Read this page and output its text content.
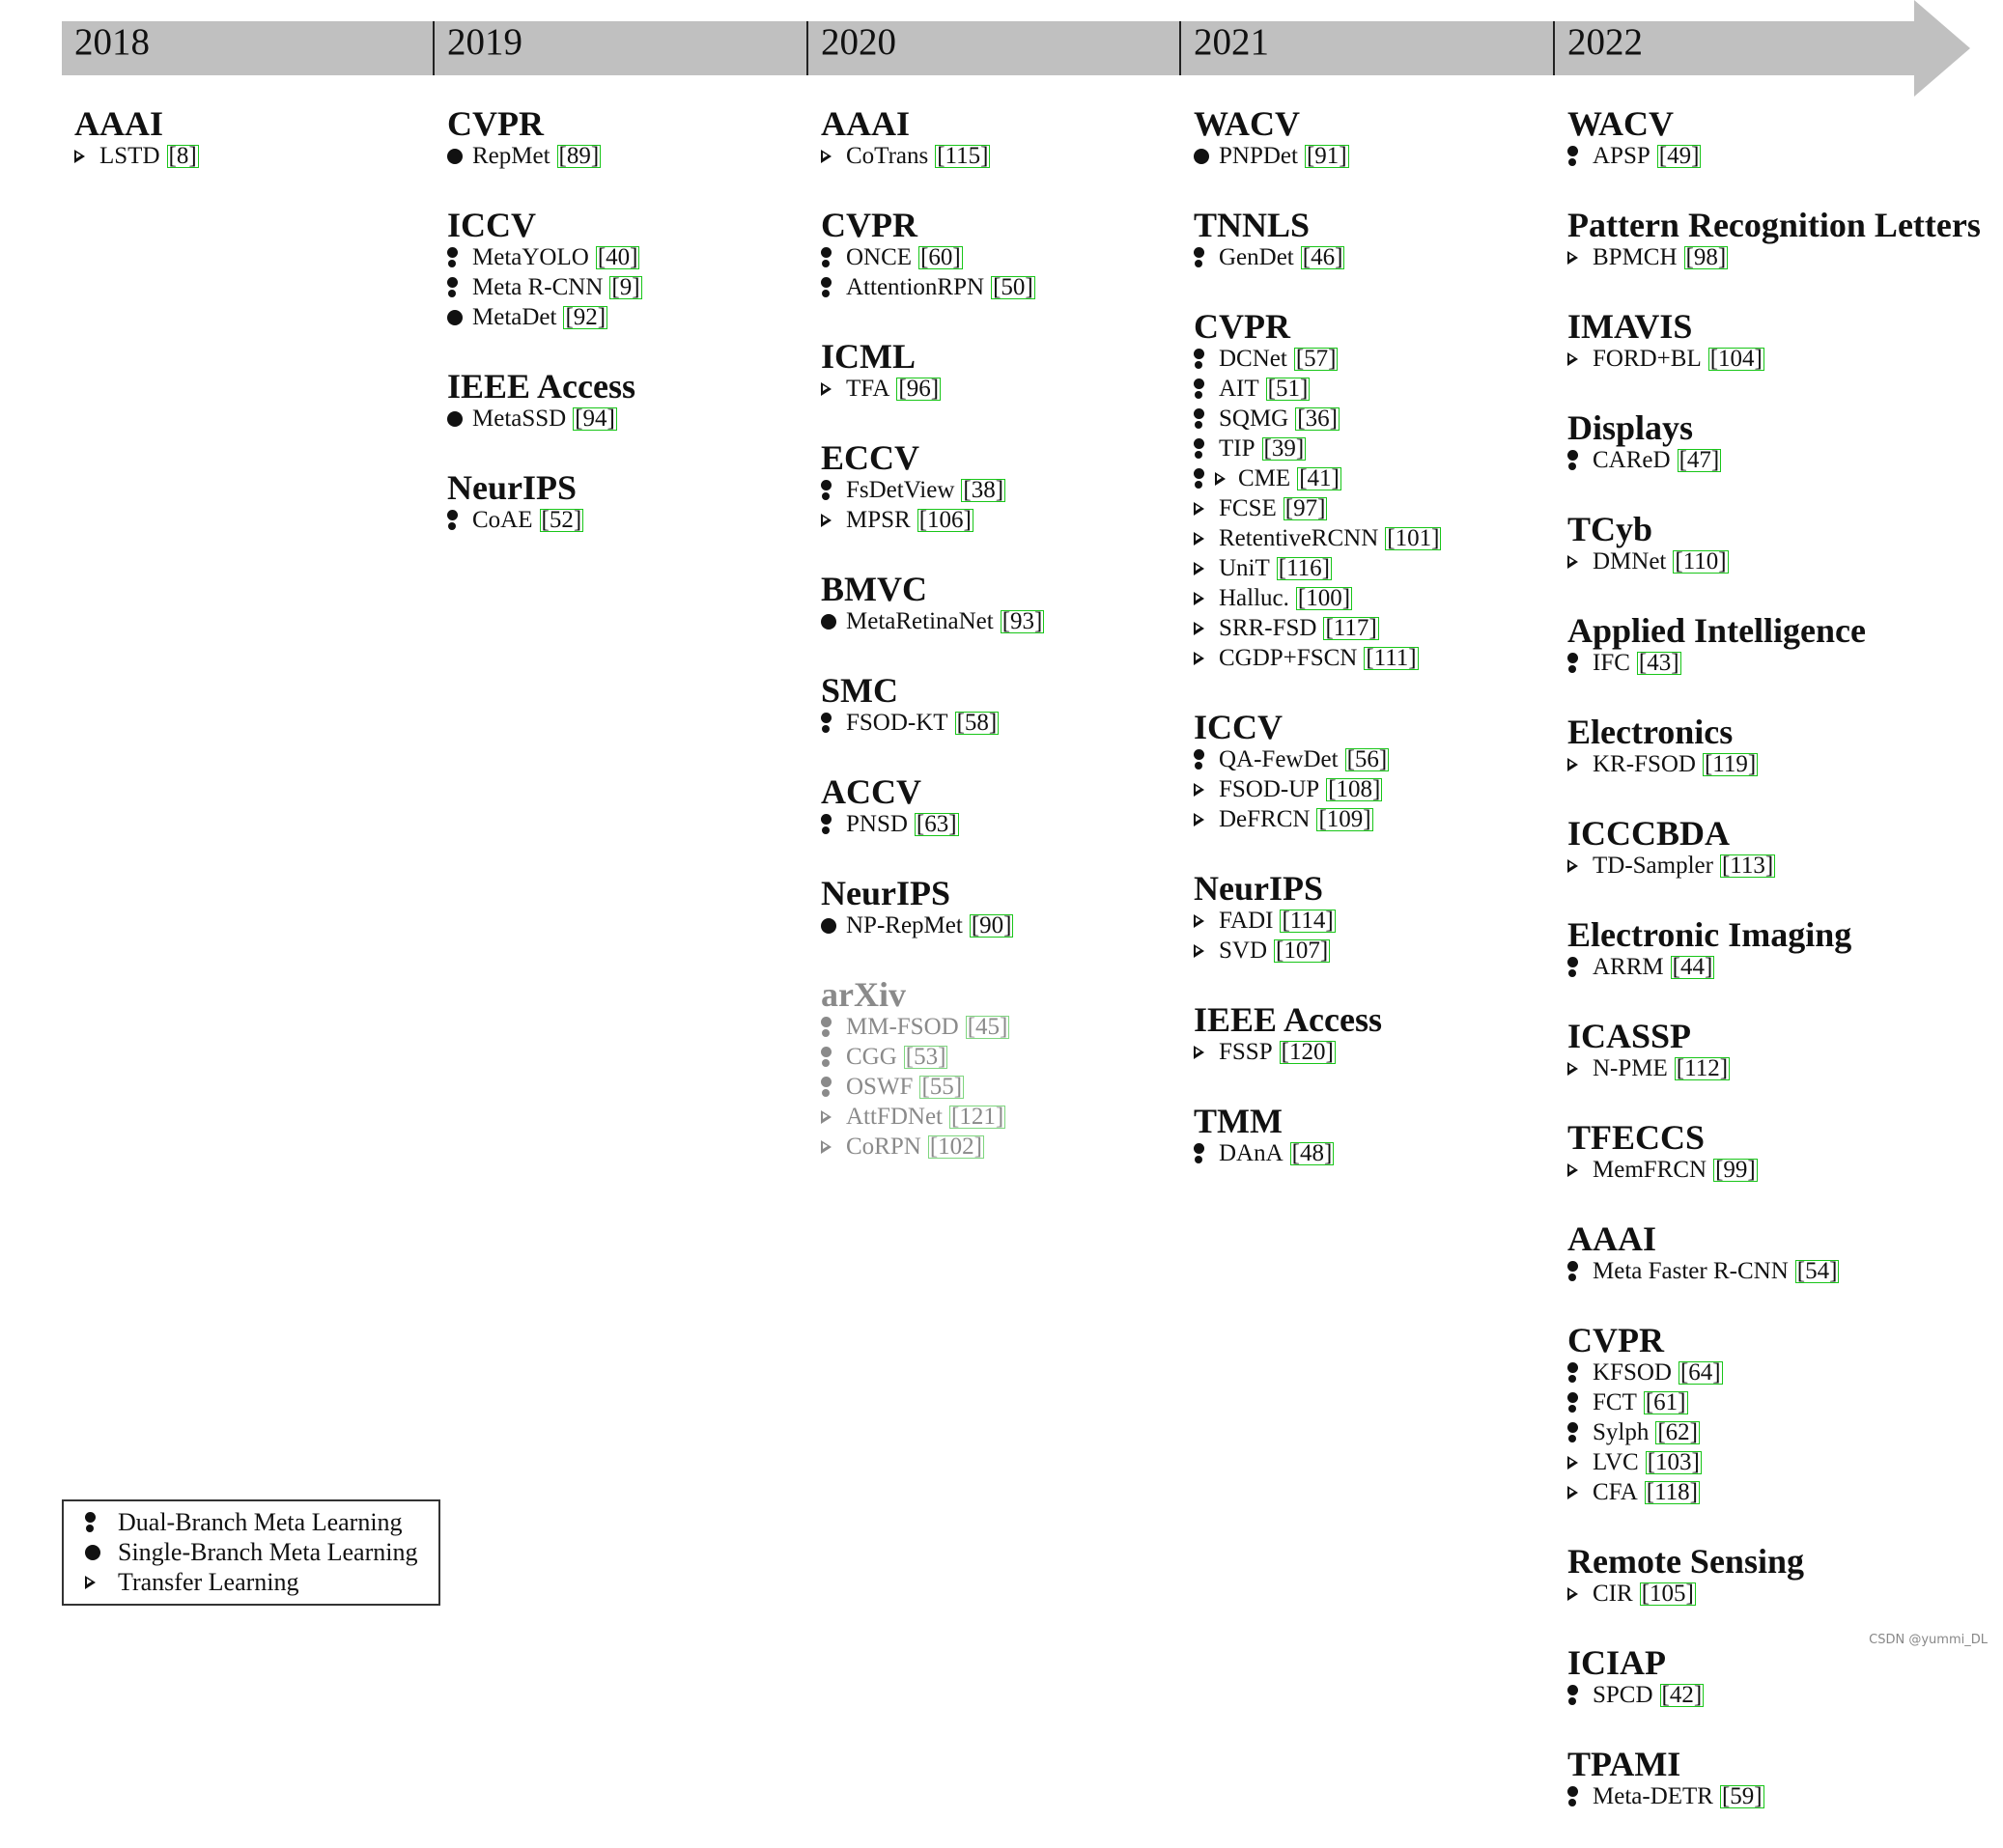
2018	2019	2020	2021	2022
AAAI
LSTD [8]
CVPR
RepMet [89]
ICCV
MetaYOLO [40]
Meta R-CNN [9]
MetaDet [92]
IEEE Access
MetaSSD [94]
NeurIPS
CoAE [52]
AAAI
CoTrans [115]
CVPR
ONCE [60]
AttentionRPN [50]
ICML
TFA [96]
ECCV
FsDetView [38]
MPSR [106]
BMVC
MetaRetinaNet [93]
SMC
FSOD-KT [58]
ACCV
PNSD [63]
NeurIPS
NP-RepMet [90]
arXiv
MM-FSOD [45]
CGG [53]
OSWF [55]
AttFDNet [121]
CoRPN [102]
WACV
PNPDet [91]
TNNLS
GenDet [46]
CVPR
DCNet [57]
AIT [51]
SQMG [36]
TIP [39]
CME [41]
FCSE [97]
RetentiveRCNN [101]
UniT [116]
Halluc. [100]
SRR-FSD [117]
CGDP+FSCN [111]
ICCV
QA-FewDet [56]
FSOD-UP [108]
DeFRCN [109]
NeurIPS
FADI [114]
SVD [107]
IEEE Access
FSSP [120]
TMM
DAnA [48]
WACV
APSP [49]
Pattern Recognition Letters
BPMCH [98]
IMAVIS
FORD+BL [104]
Displays
CAReD [47]
TCyb
DMNet [110]
Applied Intelligence
IFC [43]
Electronics
KR-FSOD [119]
ICCCBDA
TD-Sampler [113]
Electronic Imaging
ARRM [44]
ICASSP
N-PME [112]
TFECCS
MemFRCN [99]
AAAI
Meta Faster R-CNN [54]
CVPR
KFSOD [64]
FCT [61]
Sylph [62]
LVC [103]
CFA [118]
Remote Sensing
CIR [105]
ICIAP
SPCD [42]
TPAMI
Meta-DETR [59]
Dual-Branch Meta Learning
Single-Branch Meta Learning
Transfer Learning
CSDN @yummi_DL
